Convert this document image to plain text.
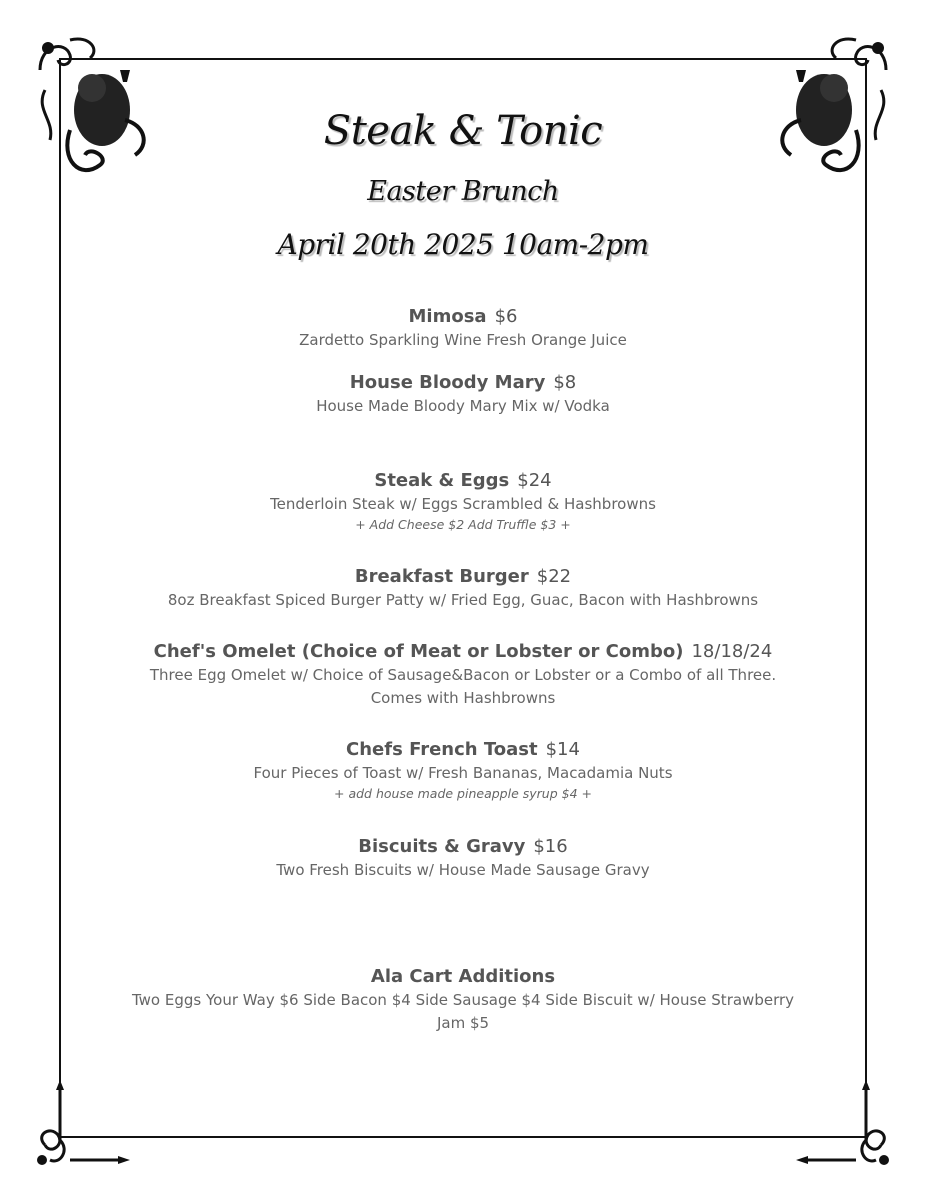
Steak & Tonic
Easter Brunch
April 20th 2025 10am-2pm
Mimosa $6
Zardetto Sparkling Wine Fresh Orange Juice
House Bloody Mary $8
House Made Bloody Mary Mix w/ Vodka
Steak & Eggs $24
Tenderloin Steak w/ Eggs Scrambled & Hashbrowns
+ Add Cheese $2 Add Truffle $3 +
Breakfast Burger $22
8oz Breakfast Spiced Burger Patty w/ Fried Egg, Guac, Bacon with Hashbrowns
Chef's Omelet (Choice of Meat or Lobster or Combo) 18/18/24
Three Egg Omelet w/ Choice of Sausage&Bacon or Lobster or a Combo of all Three.
Comes with Hashbrowns
Chefs French Toast $14
Four Pieces of Toast w/ Fresh Bananas, Macadamia Nuts
+ add house made pineapple syrup $4 +
Biscuits & Gravy $16
Two Fresh Biscuits w/ House Made Sausage Gravy
Ala Cart Additions
Two Eggs Your Way $6 Side Bacon $4 Side Sausage $4 Side Biscuit w/ House Strawberry
Jam $5
